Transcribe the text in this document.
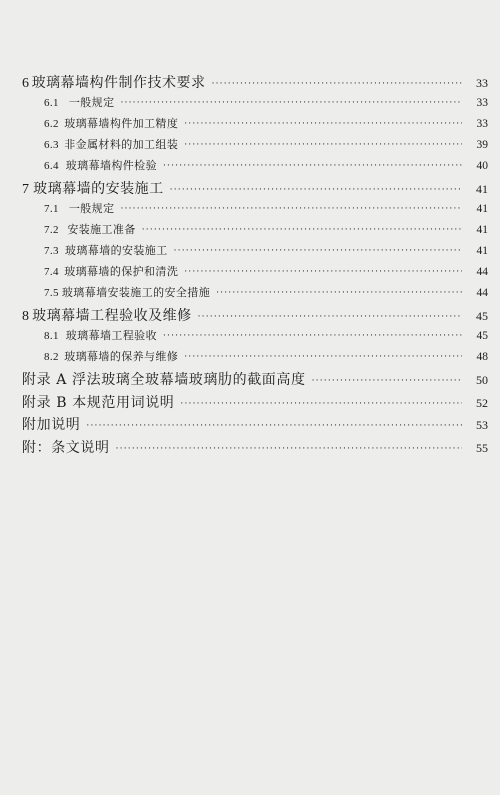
6 玻璃幕墙构件制作技术要求 ·····	33
6.1 一般规定 ·····	33
6.2 玻璃幕墙构件加工精度 ·····	33
6.3 非金属材料的加工组装 ·····	39
6.4 玻璃幕墙构件检验 ·····	40
7 玻璃幕墙的安装施工 ·····	41
7.1 一般规定 ·····	41
7.2 安装施工准备 ·····	41
7.3 玻璃幕墙的安装施工 ·····	41
7.4 玻璃幕墙的保护和清洗 ·····	44
7.5 玻璃幕墙安装施工的安全措施 ·····	44
8 玻璃幕墙工程验收及维修 ·····	45
8.1 玻璃幕墙工程验收 ·····	45
8.2 玻璃幕墙的保养与维修 ·····	48
附录 A 浮法玻璃全玻幕墙玻璃肋的截面高度 ·····	50
附录 B 本规范用词说明 ·····	52
附加说明 ·····	53
附：条文说明 ·····	55
